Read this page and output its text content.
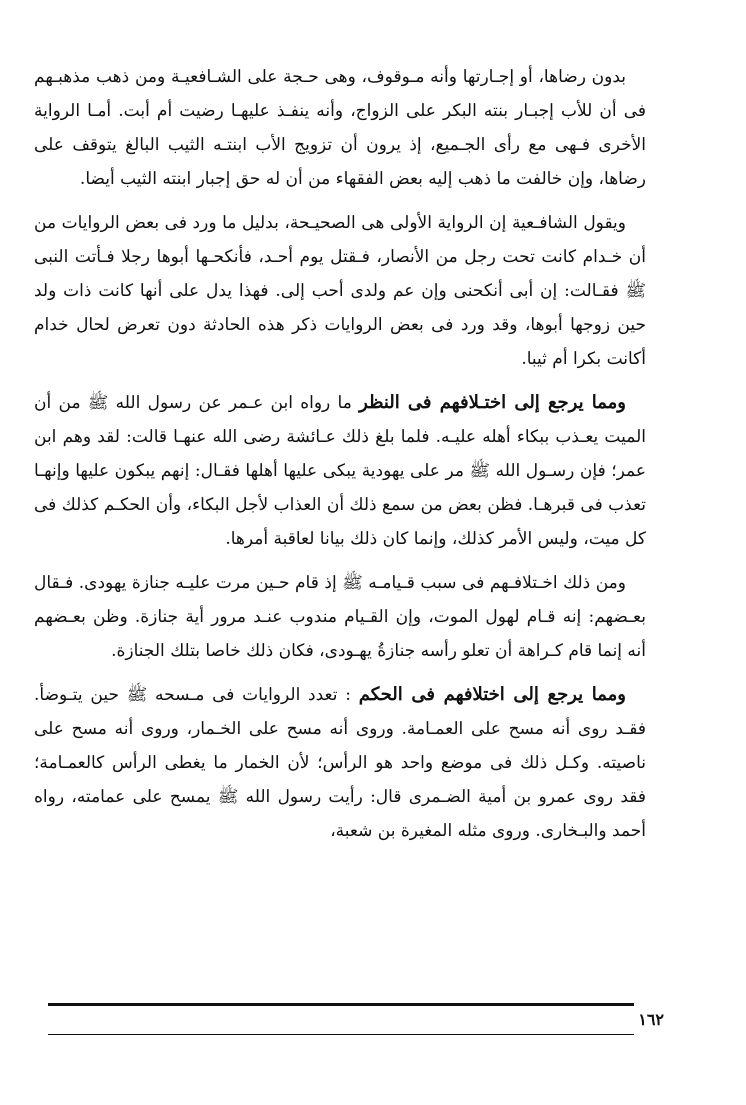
بدون رضاها، أو إجـارتها وأنه مـوقوف، وهى حـجة على الشـافعيـة ومن ذهب مذهبـهم فى أن للأب إجبـار بنته البكر على الزواج، وأنه ينفـذ عليهـا رضيت أم أبت. أمـا الرواية الأخرى فـهى مع رأى الجـميع، إذ يرون أن تزويج الأب ابنتـه الثيب البالغ يتوقف على رضاها، وإن خالفت ما ذهب إليه بعض الفقهاء من أن له حق إجبار ابنته الثيب أيضا.

ويقول الشافـعية إن الرواية الأولى هى الصحيـحة، بدليل ما ورد فى بعض الروايات من أن خـدام كانت تحت رجل من الأنصار، فـقتل يوم أحـد، فأنكحـها أبوها رجلا فـأتت النبى ﷺ فقـالت: إن أبى أنكحنى وإن عم ولدى أحب إلى. فهذا يدل على أنها كانت ذات ولد حين زوجها أبوها، وقد ورد فى بعض الروايات ذكر هذه الحادثة دون تعرض لحال خدام أكانت بكرا أم ثيبا.

ومما يرجع إلى اختـلافهم فى النظر ما رواه ابن عـمر عن رسول الله ﷺ من أن الميت يعـذب ببكاء أهله عليـه. فلما بلغ ذلك عـائشة رضى الله عنهـا قالت: لقد وهم ابن عمر؛ فإن رسـول الله ﷺ مر على يهودية يبكى عليها أهلها فقـال: إنهم يبكون عليها وإنهـا تعذب فى قبرهـا. فظن بعض من سمع ذلك أن العذاب لأجل البكاء، وأن الحكـم كذلك فى كل ميت، وليس الأمر كذلك، وإنما كان ذلك بيانا لعاقبة أمرها.

ومن ذلك اخـتلافـهم فى سبب قـيامـه ﷺ إذ قام حـين مرت عليـه جنازة يهودى. فـقال بعـضهم: إنه قـام لهول الموت، وإن القـيام مندوب عنـد مرور أية جنازة. وظن بعـضهم أنه إنما قام كـراهة أن تعلو رأسه جنازةُ يهـودى، فكان ذلك خاصا بتلك الجنازة.

ومما يرجع إلى اختلافهم فى الحكم : تعدد الروايات فى مـسحه ﷺ حين يتـوضأ. فقـد روى أنه مسح على العمـامة. وروى أنه مسح على الخـمار، وروى أنه مسح على ناصيته. وكـل ذلك فى موضع واحد هو الرأس؛ لأن الخمار ما يغطى الرأس كالعمـامة؛ فقد روى عمرو بن أمية الضـمرى قال: رأيت رسول الله ﷺ يمسح على عمامته، رواه أحمد والبـخارى. وروى مثله المغيرة بن شعبة،

١٦٢
